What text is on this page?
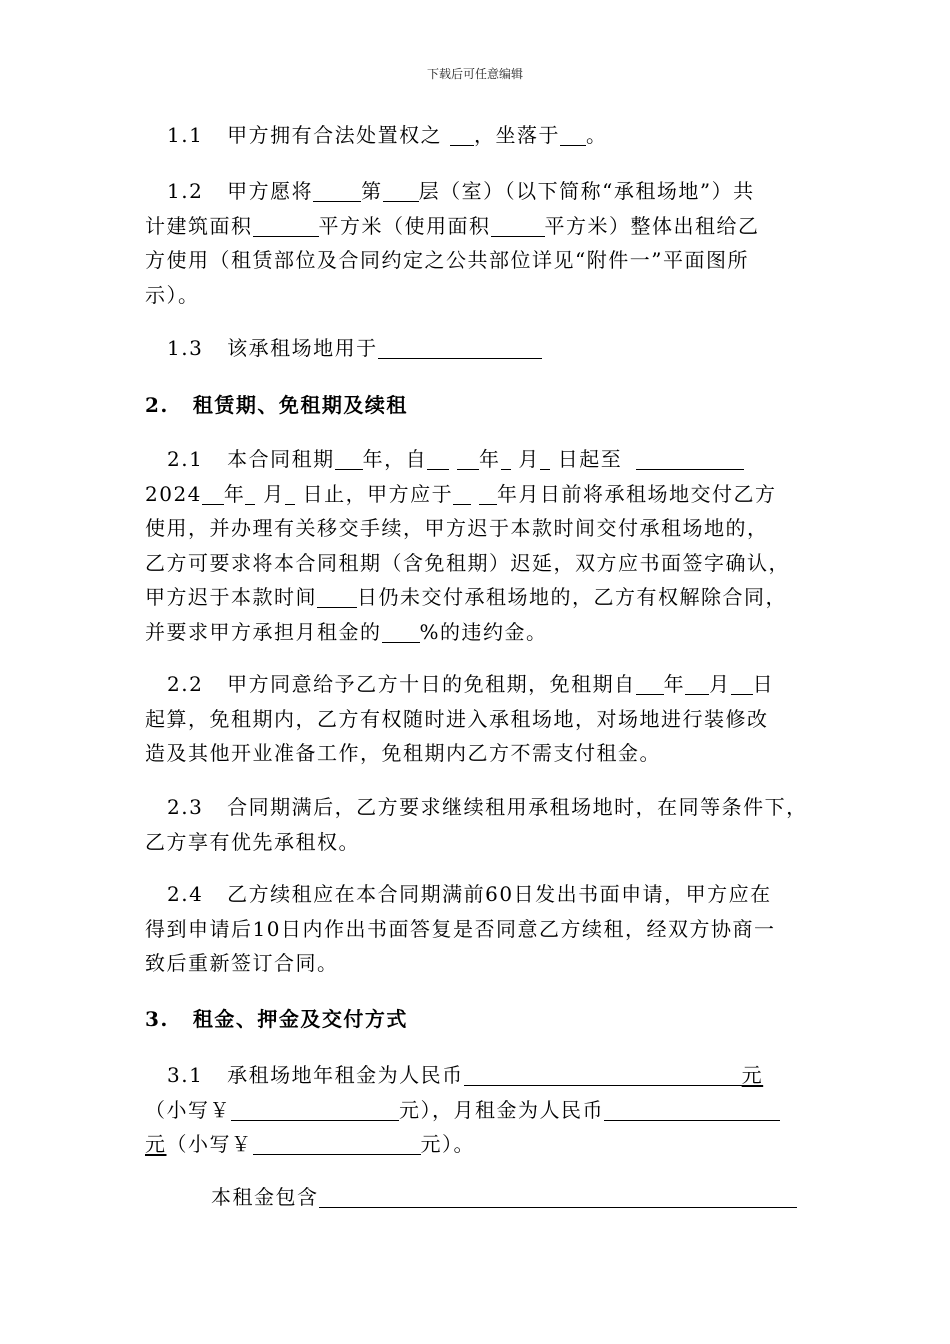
下载后可任意编辑
1.1 甲方拥有合法处置权之 ，坐落于 。
1.2 甲方愿将 第 层（室）（以下简称“承租场地”）共
计建筑面积	平方米（使用面积	平方米）整体出租给乙
方使用（租赁部位及合同约定之公共部位详见“附件一”平面图所
示）。
1.3 该承租场地用于
2. 租赁期、免租期及续租
2.1 本合同租期 年，自	年 月 日起至
2024 年 月 日止，甲方应于 年月日前将承租场地交付乙方
使用，并办理有关移交手续，甲方迟于本款时间交付承租场地的，
乙方可要求将本合同租期（含免租期）迟延，双方应书面签字确认，
甲方迟于本款时间 日仍未交付承租场地的，乙方有权解除合同，
并要求甲方承担月租金的 %的违约金。
2.2 甲方同意给予乙方十日的免租期，免租期自 年 月 日
起算，免租期内，乙方有权随时进入承租场地，对场地进行装修改
造及其他开业准备工作，免租期内乙方不需支付租金。
2.3 合同期满后，乙方要求继续租用承租场地时，在同等条件下，
乙方享有优先承租权。
2.4 乙方续租应在本合同期满前60日发出书面申请，甲方应在
得到申请后10日内作出书面答复是否同意乙方续租，经双方协商一
致后重新签订合同。
3. 租金、押金及交付方式
3.1 承租场地年租金为人民币	元
（小写￥	元），月租金为人民币
元（小写￥	元）。
本租金包含
